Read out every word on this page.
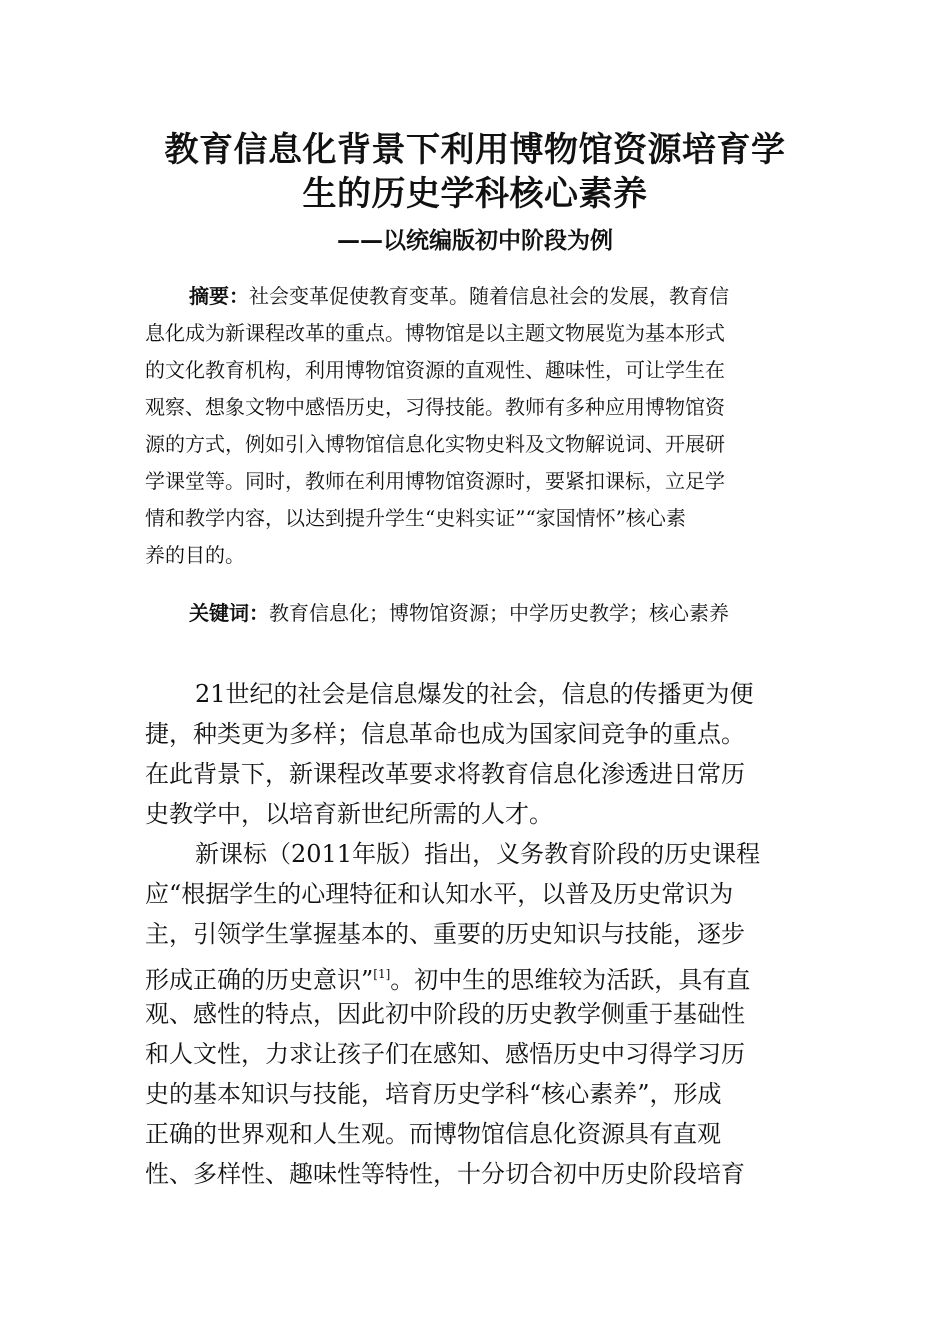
教育信息化背景下利用博物馆资源培育学
生的历史学科核心素养
——以统编版初中阶段为例
摘要：社会变革促使教育变革。随着信息社会的发展，教育信
息化成为新课程改革的重点。博物馆是以主题文物展览为基本形式
的文化教育机构，利用博物馆资源的直观性、趣味性，可让学生在
观察、想象文物中感悟历史，习得技能。教师有多种应用博物馆资
源的方式，例如引入博物馆信息化实物史料及文物解说词、开展研
学课堂等。同时，教师在利用博物馆资源时，要紧扣课标，立足学
情和教学内容，以达到提升学生“史料实证”“家国情怀”核心素
养的目的。
关键词：教育信息化；博物馆资源；中学历史教学；核心素养
21世纪的社会是信息爆发的社会，信息的传播更为便
捷，种类更为多样；信息革命也成为国家间竞争的重点。
在此背景下，新课程改革要求将教育信息化渗透进日常历
史教学中，以培育新世纪所需的人才。
新课标（2011年版）指出，义务教育阶段的历史课程
应“根据学生的心理特征和认知水平，以普及历史常识为
主，引领学生掌握基本的、重要的历史知识与技能，逐步
形成正确的历史意识”[1]。初中生的思维较为活跃，具有直
观、感性的特点，因此初中阶段的历史教学侧重于基础性
和人文性，力求让孩子们在感知、感悟历史中习得学习历
史的基本知识与技能，培育历史学科“核心素养”，形成
正确的世界观和人生观。而博物馆信息化资源具有直观
性、多样性、趣味性等特性，十分切合初中历史阶段培育
